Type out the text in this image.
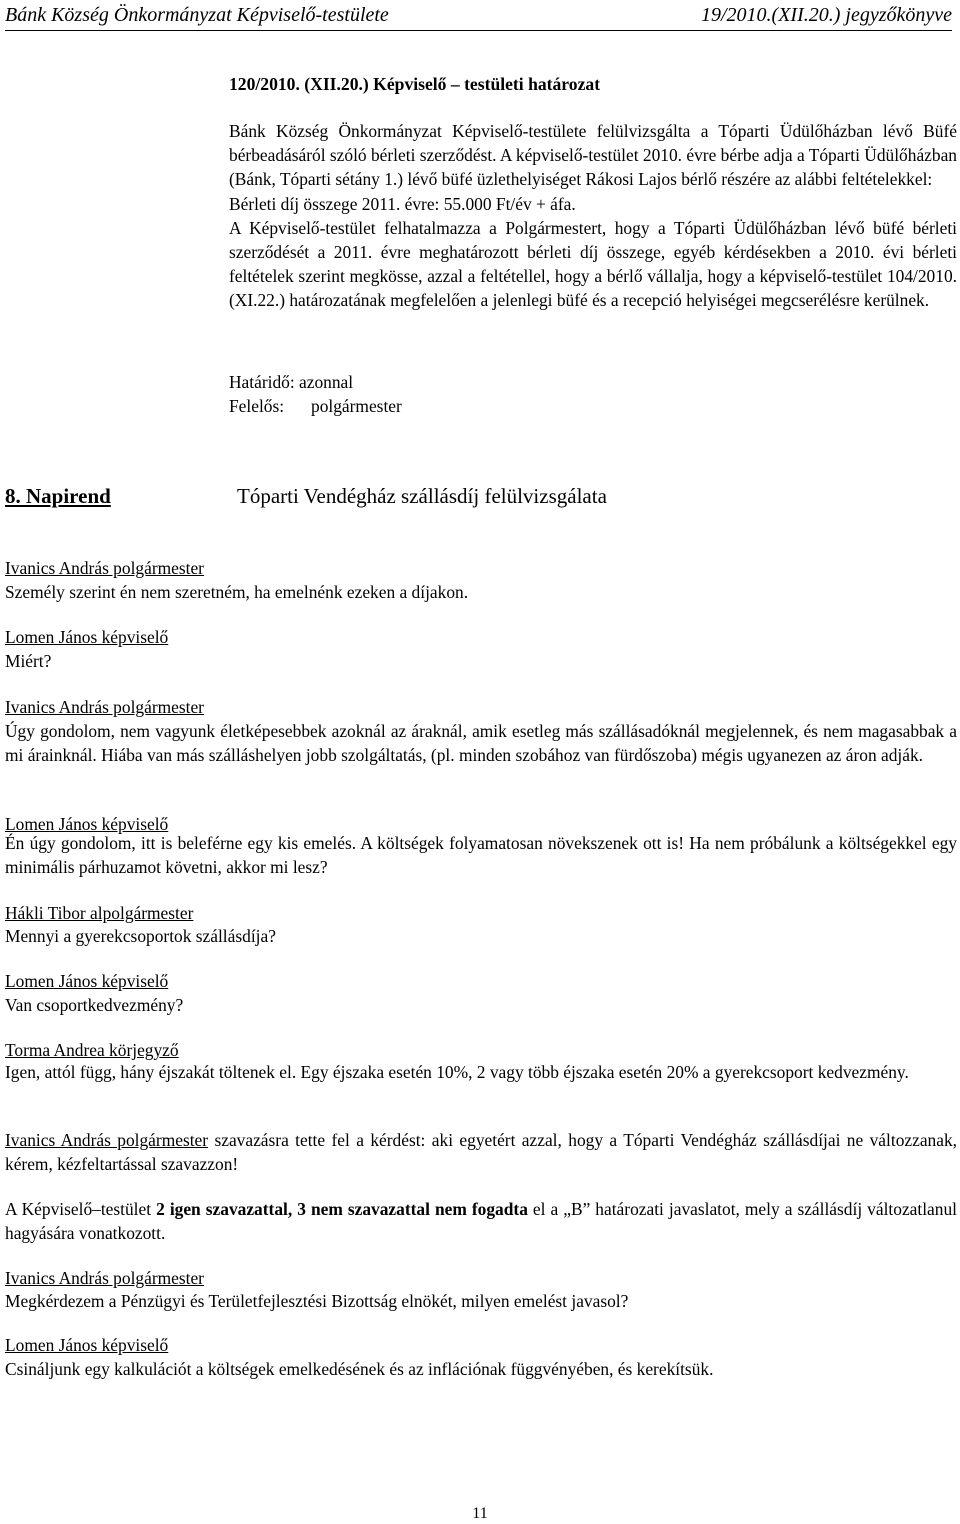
Bánk Község Önkormányzat Képviselő-testülete	19/2010.(XII.20.) jegyzőkönyve
120/2010. (XII.20.) Képviselő – testületi határozat

Bánk Község Önkormányzat Képviselő-testülete felülvizsgálta a Tóparti Üdülőházban lévő Büfé bérbeadásáról szóló bérleti szerződést. A képviselő-testület 2010. évre bérbe adja a Tóparti Üdülőházban (Bánk, Tóparti sétány 1.) lévő büfé üzlethelyiséget Rákosi Lajos bérlő részére az alábbi feltételekkel:

Bérleti díj összege 2011. évre: 55.000 Ft/év + áfa.

A Képviselő-testület felhatalmazza a Polgármestert, hogy a Tóparti Üdülőházban lévő büfé bérleti szerződését a 2011. évre meghatározott bérleti díj összege, egyéb kérdésekben a 2010. évi bérleti feltételek szerint megkösse, azzal a feltétellel, hogy a bérlő vállalja, hogy a képviselő-testület 104/2010. (XI.22.) határozatának megfelelően a jelenlegi büfé és a recepció helyiségei megcserélésre kerülnek.

Határidő: azonnal
Felelős: polgármester
8. Napirend	Tóparti Vendégház szállásdíj felülvizsgálata
Ivanics András polgármester
Személy szerint én nem szeretném, ha emelnénk ezeken a díjakon.
Lomen János képviselő
Miért?
Ivanics András polgármester
Úgy gondolom, nem vagyunk életképesebbek azoknál az áraknál, amik esetleg más szállásadóknál megjelennek, és nem magasabbak a mi árainknál. Hiába van más szálláshelyen jobb szolgáltatás, (pl. minden szobához van fürdőszoba) mégis ugyanezen az áron adják.
Lomen János képviselő
Én úgy gondolom, itt is beleférne egy kis emelés. A költségek folyamatosan növekszenek ott is! Ha nem próbálunk a költségekkel egy minimális párhuzamot követni, akkor mi lesz?
Hákli Tibor alpolgármester
Mennyi a gyerekcsoportok szállásdíja?
Lomen János képviselő
Van csoportkedvezmény?
Torma Andrea körjegyző
Igen, attól függ, hány éjszakát töltenek el. Egy éjszaka esetén 10%, 2 vagy több éjszaka esetén 20% a gyerekcsoport kedvezmény.
Ivanics András polgármester szavazásra tette fel a kérdést: aki egyetért azzal, hogy a Tóparti Vendégház szállásdíjai ne változzanak, kérem, kézfeltartással szavazzon!
A Képviselő–testület 2 igen szavazattal, 3 nem szavazattal nem fogadta el a „B” határozati javaslatot, mely a szállásdíj változatlanul hagyására vonatkozott.
Ivanics András polgármester
Megkérdezem a Pénzügyi és Területfejlesztési Bizottság elnökét, milyen emelést javasol?
Lomen János képviselő
Csináljunk egy kalkulációt a költségek emelkedésének és az inflációnak függvényében, és kerekítsük.
11
